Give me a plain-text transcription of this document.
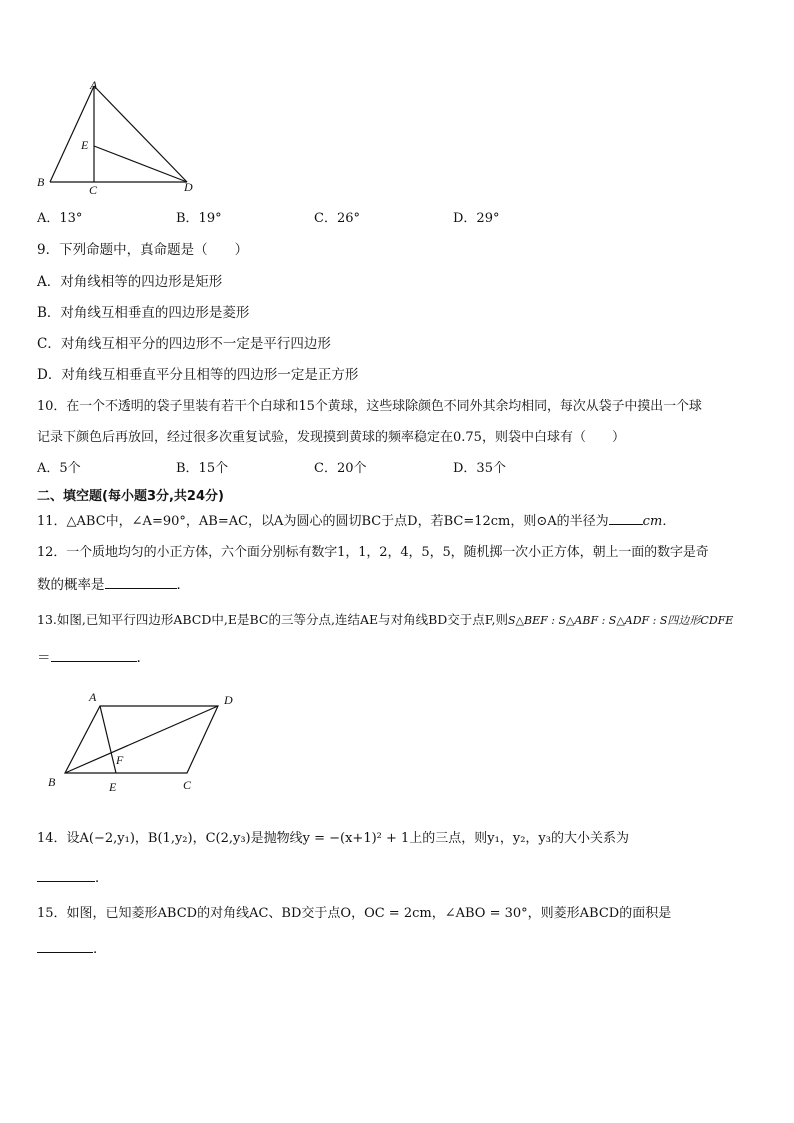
A
E
B
C	D
A．13°	B．19°	C．26°	D．29°
9．下列命题中，真命题是（　　）
A．对角线相等的四边形是矩形
B．对角线互相垂直的四边形是菱形
C．对角线互相平分的四边形不一定是平行四边形
D．对角线互相垂直平分且相等的四边形一定是正方形
10．在一个不透明的袋子里装有若干个白球和15个黄球，这些球除颜色不同外其余均相同，每次从袋子中摸出一个球
记录下颜色后再放回，经过很多次重复试验，发现摸到黄球的频率稳定在0.75，则袋中白球有（　　）
A．5个	B．15个	C．20个	D．35个
二、填空题(每小题3分,共24分)
11．△ABC中，∠A=90°，AB=AC，以A为圆心的圆切BC于点D，若BC=12cm，则⊙A的半径为	cm．
12．一个质地均匀的小正方体，六个面分别标有数字1，1，2，4，5，5，随机掷一次小正方体，朝上一面的数字是奇
数的概率是	．
13.如图,已知平行四边形ABCD中,E是BC的三等分点,连结AE与对角线BD交于点F,则S△BEF : S△ABF : S△ADF : S四边形CDFE
＝	.
A	D
F
B	E	C
14．设A(−2,y₁)，B(1,y₂)，C(2,y₃)是抛物线y = −(x+1)² + 1上的三点，则y₁，y₂，y₃的大小关系为
．
15．如图，已知菱形ABCD的对角线AC、BD交于点O，OC = 2cm，∠ABO = 30°，则菱形ABCD的面积是
．
